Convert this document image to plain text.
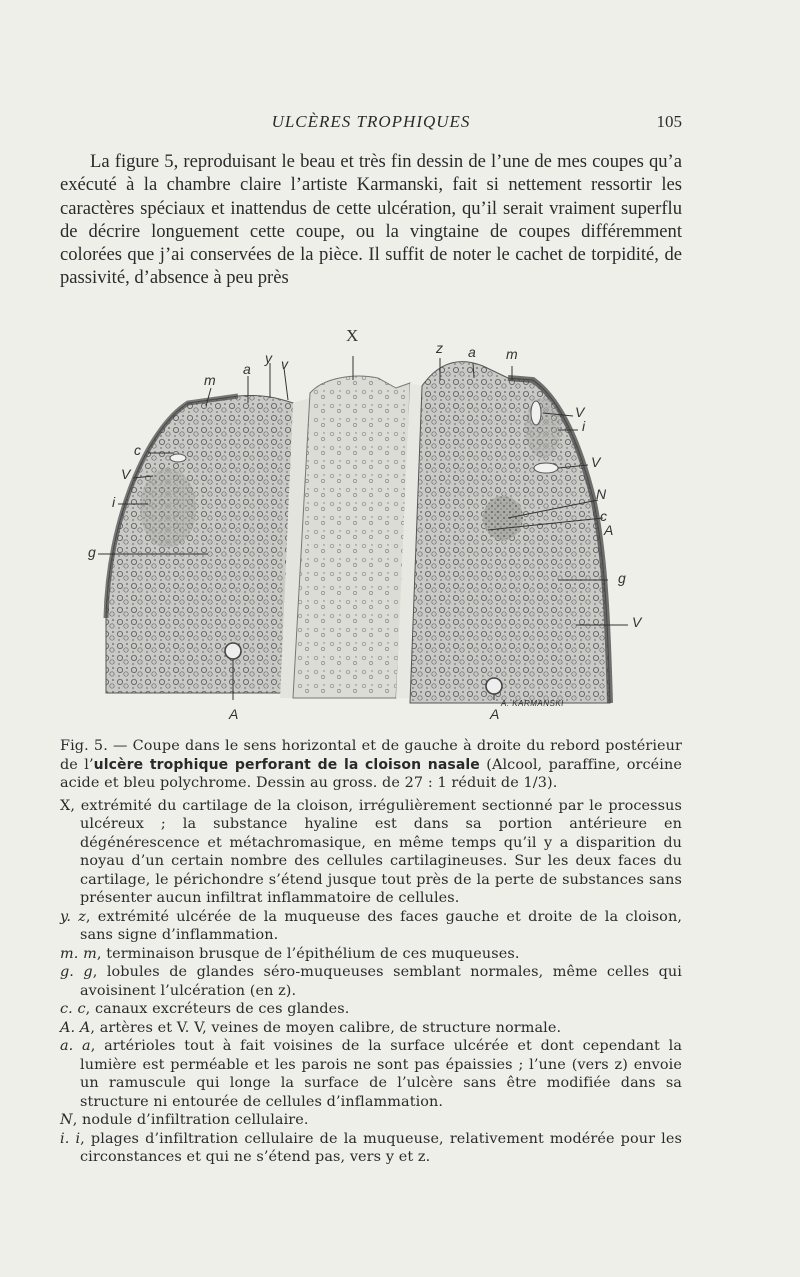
ULCÈRES TROPHIQUES	105

La figure 5, reproduisant le beau et très fin dessin de l’une de mes coupes qu’a exécuté à la chambre claire l’artiste Karmanski, fait si nettement ressortir les caractères spéciaux et inattendus de cette ulcération, qu’il serait vraiment superflu de décrire longuement cette coupe, ou la vingtaine de coupes différemment colorées que j’ai conservées de la pièce. Il suffit de noter le cachet de torpidité, de passivité, d’absence à peu près

X
z a m
a
y v
m
c
V
i
g
V
i
V
N
c
A
g
V
A	A
A. KARMANSKI

Fig. 5. — Coupe dans le sens horizontal et de gauche à droite du rebord postérieur de l’ulcère trophique perforant de la cloison nasale (Alcool, paraffine, orcéine acide et bleu polychrome. Dessin au gross. de 27 : 1 réduit de 1/3).

X, extrémité du cartilage de la cloison, irrégulièrement sectionné par le processus ulcéreux ; la substance hyaline est dans sa portion antérieure en dégénérescence et métachromasique, en même temps qu’il y a disparition du noyau d’un certain nombre des cellules cartilagineuses. Sur les deux faces du cartilage, le périchondre s’étend jusque tout près de la perte de substances sans présenter aucun infiltrat inflammatoire de cellules.

y. z, extrémité ulcérée de la muqueuse des faces gauche et droite de la cloison, sans signe d’inflammation.

m. m, terminaison brusque de l’épithélium de ces muqueuses.

g. g, lobules de glandes séro-muqueuses semblant normales, même celles qui avoisinent l’ulcération (en z).

c. c, canaux excréteurs de ces glandes.

A. A, artères et V. V, veines de moyen calibre, de structure normale.

a. a, artérioles tout à fait voisines de la surface ulcérée et dont cependant la lumière est perméable et les parois ne sont pas épaissies ; l’une (vers z) envoie un ramuscule qui longe la surface de l’ulcère sans être modifiée dans sa structure ni entourée de cellules d’inflammation.

N, nodule d’infiltration cellulaire.

i. i, plages d’infiltration cellulaire de la muqueuse, relativement modérée pour les circonstances et qui ne s’étend pas, vers y et z.
